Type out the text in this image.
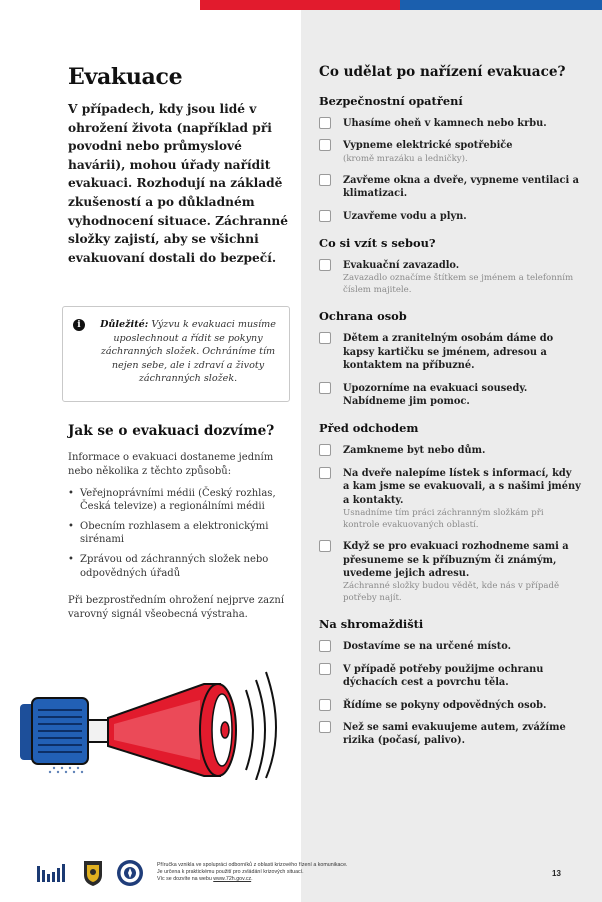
Evakuace

V případech, kdy jsou lidé v ohrožení života (například při povodni nebo průmyslové havárii), mohou úřady nařídit evakuaci. Rozhodují na základě zkušeností a po důkladném vyhodnocení situace. Záchranné složky zajistí, aby se všichni evakuovaní dostali do bezpečí.

i	Důležité: Výzvu k evakuaci musíme uposlechnout a řídit se pokyny záchranných složek. Ochráníme tím nejen sebe, ale i zdraví a životy záchranných složek.
Jak se o evakuaci dozvíme?

Informace o evakuaci dostaneme jedním nebo několika z těchto způsobů:

• Veřejnoprávními médii (Český rozhlas, Česká televize) a regionálními médii
• Obecním rozhlasem a elektronickými sirénami
• Zprávou od záchranných složek nebo odpovědných úřadů

Při bezprostředním ohrožení nejprve zazní varovný signál všeobecná výstraha.

Co udělat po nařízení evakuace?
Bezpečnostní opatření
Uhasíme oheň v kamnech nebo krbu.
Vypneme elektrické spotřebiče
(kromě mrazáku a ledničky).
Zavřeme okna a dveře, vypneme ventilaci a klimatizaci.
Uzavřeme vodu a plyn.
Co si vzít s sebou?
Evakuační zavazadlo.
Zavazadlo označíme štítkem se jménem a telefonním číslem majitele.
Ochrana osob
Dětem a zranitelným osobám dáme do kapsy kartičku se jménem, adresou a kontaktem na příbuzné.
Upozorníme na evakuaci sousedy. Nabídneme jim pomoc.
Před odchodem
Zamkneme byt nebo dům.
Na dveře nalepíme lístek s informací, kdy a kam jsme se evakuovali, a s našimi jmény a kontakty.
Usnadníme tím práci záchranným složkám při kontrole evakuovaných oblastí.
Když se pro evakuaci rozhodneme sami a přesuneme se k příbuzným či známým, uvedeme jejich adresu.
Záchranné složky budou vědět, kde nás v případě potřeby najít.
Na shromaždišti
Dostavíme se na určené místo.
V případě potřeby použijme ochranu dýchacích cest a povrchu těla.
Řídíme se pokyny odpovědných osob.
Než se sami evakuujeme autem, zvážíme rizika (počasí, palivo).
Příručka vznikla ve spolupráci odborníků z oblasti krizového řízení a komunikace.
Je určena k praktickému použití pro zvládání krizových situací.
Víc se dozvíte na webu www.72h.gov.cz.
13
